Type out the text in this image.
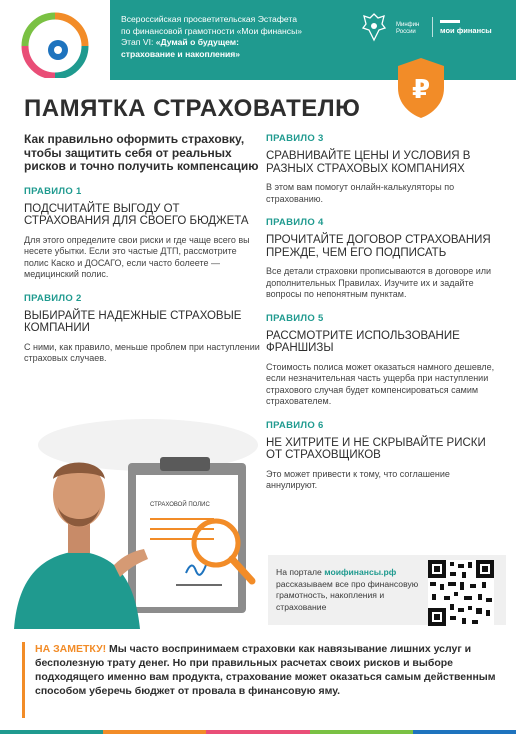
Всероссийская просветительская Эстафета
по финансовой грамотности «Мои финансы»
Этап VI: «Думай о будущем:
страхование и накопления»
Минфин России	мои финансы
₽
ПАМЯТКА СТРАХОВАТЕЛЮ
Как правильно оформить страховку, чтобы защитить себя от реальных рисков и точно получить компенсацию
ПРАВИЛО 1
ПОДСЧИТАЙТЕ ВЫГОДУ ОТ СТРАХОВАНИЯ ДЛЯ СВОЕГО БЮДЖЕТА
Для этого определите свои риски и где чаще всего вы несете убытки. Если это частые ДТП, рассмотрите полис Каско и ДОСАГО, если часто болеете — медицинский полис.
ПРАВИЛО 2
ВЫБИРАЙТЕ НАДЕЖНЫЕ СТРАХОВЫЕ КОМПАНИИ
С ними, как правило, меньше проблем при наступлении страховых случаев.
ПРАВИЛО 3
СРАВНИВАЙТЕ ЦЕНЫ И УСЛОВИЯ В РАЗНЫХ СТРАХОВЫХ КОМПАНИЯХ
В этом вам помогут онлайн-калькуляторы по страхованию.
ПРАВИЛО 4
ПРОЧИТАЙТЕ ДОГОВОР СТРАХОВАНИЯ ПРЕЖДЕ, ЧЕМ ЕГО ПОДПИСАТЬ
Все детали страховки прописываются в договоре или дополнительных Правилах. Изучите их и задайте вопросы по непонятным пунктам.
ПРАВИЛО 5
РАССМОТРИТЕ ИСПОЛЬЗОВАНИЕ ФРАНШИЗЫ
Стоимость полиса может оказаться намного дешевле, если незначительная часть ущерба при наступлении страхового случая будет компенсироваться самим страхователем.
ПРАВИЛО 6
НЕ ХИТРИТЕ И НЕ СКРЫВАЙТЕ РИСКИ ОТ СТРАХОВЩИКОВ
Это может привести к тому, что соглашение аннулируют.
СТРАХОВОЙ ПОЛИС
На портале моифинансы.рф рассказываем все про финансовую грамотность, накопления и страхование
НА ЗАМЕТКУ! Мы часто воспринимаем страховки как навязывание лишних услуг и бесполезную трату денег. Но при правильных расчетах своих рисков и выборе подходящего именно вам продукта, страхование может оказаться самым действенным способом уберечь бюджет от провала в финансовую яму.
